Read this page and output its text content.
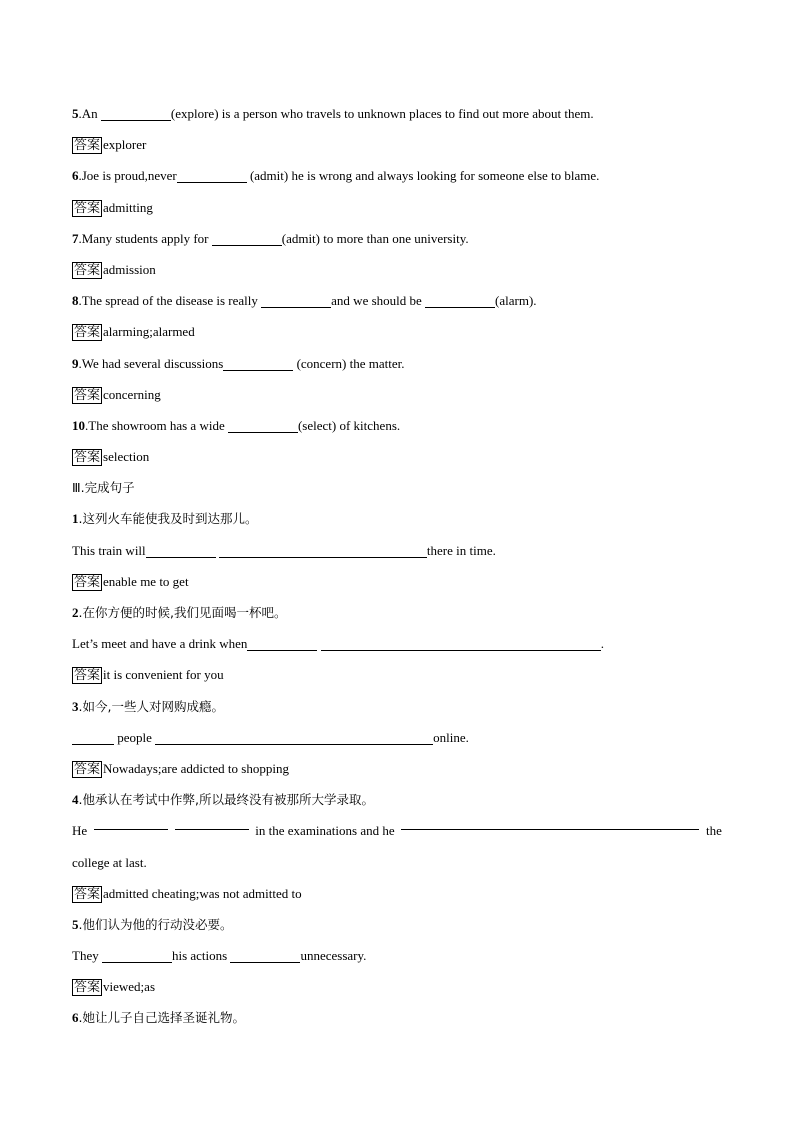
5.An	(explore) is a person who travels to unknown places to find out more about them.
答案 explorer
6.Joe is proud,never	(admit) he is wrong and always looking for someone else to blame.
答案 admitting
7.Many students apply for	(admit) to more than one university.
答案 admission
8.The spread of the disease is really	and we should be	(alarm).
答案 alarming;alarmed
9.We had several discussions	(concern) the matter.
答案 concerning
10.The showroom has a wide	(select) of kitchens.
答案 selection
Ⅲ.完成句子
1.这列火车能使我及时到达那儿。
This train will	there in time.
答案 enable me to get
2.在你方便的时候,我们见面喝一杯吧。
Let’s meet and have a drink when	.
答案 it is convenient for you
3.如今,一些人对网购成瘾。
people	online.
答案 Nowadays;are addicted to shopping
4.他承认在考试中作弊,所以最终没有被那所大学录取。
He	in the examinations and he	the
college at last.
答案 admitted cheating;was not admitted to
5.他们认为他的行动没必要。
They	his actions	unnecessary.
答案 viewed;as
6.她让儿子自己选择圣诞礼物。
